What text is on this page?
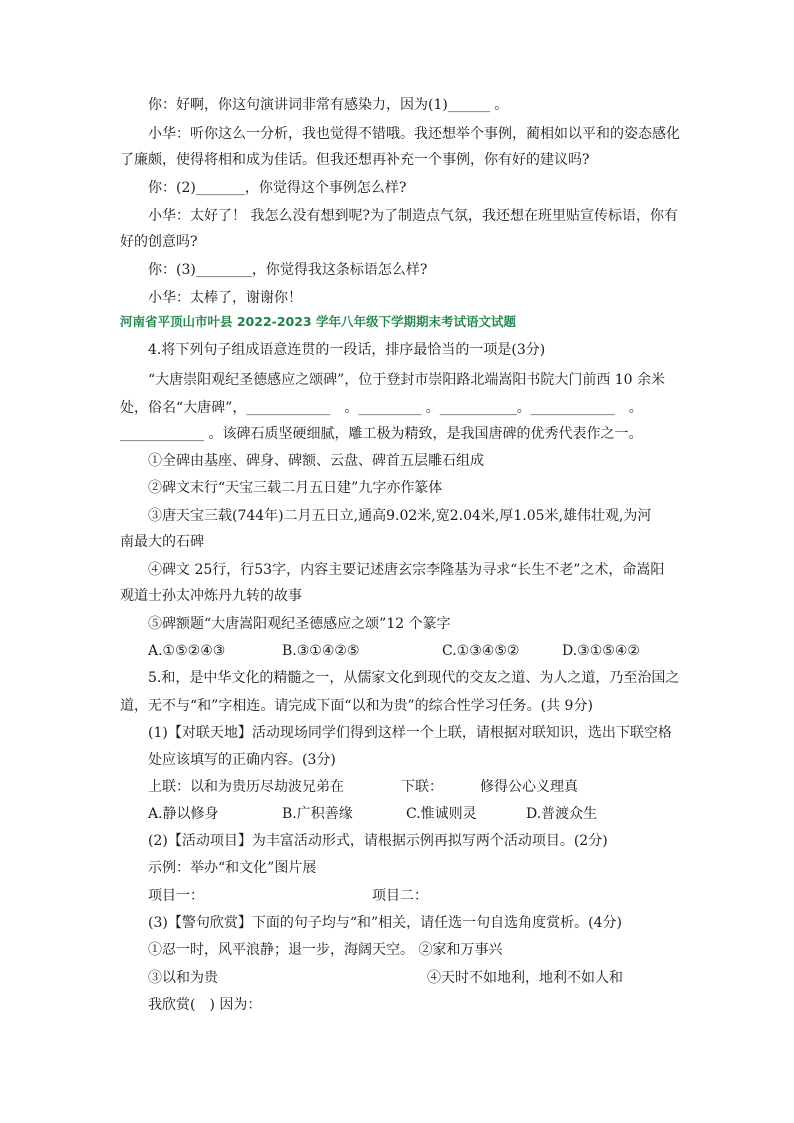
你：好啊，你这句演讲词非常有感染力，因为(1)______ 。
小华：听你这么一分析，我也觉得不错哦。我还想举个事例，蔺相如以平和的姿态感化
了廉颇，使得将相和成为佳话。但我还想再补充一个事例，你有好的建议吗?
你：(2)_______，你觉得这个事例怎么样?
小华：太好了！ 我怎么没有想到呢?为了制造点气氛，我还想在班里贴宣传标语，你有
好的创意吗?
你：(3)________，你觉得我这条标语怎么样?
小华：太棒了，谢谢你！
河南省平顶山市叶县 2022-2023 学年八年级下学期期末考试语文试题
4.将下列句子组成语意连贯的一段话，排序最恰当的一项是(3分)
“大唐崇阳观纪圣德感应之颂碑”，位于登封市崇阳路北端嵩阳书院大门前西 10 余米
处，俗名“大唐碑”，____________　。_________ 。___________。____________　。
____________ 。该碑石质坚硬细腻，雕工极为精致，是我国唐碑的优秀代表作之一。
①全碑由基座、碑身、碑额、云盘、碑首五层雕石组成
②碑文末行“天宝三载二月五日建”九字亦作篆体
③唐天宝三载(744年)二月五日立,通高9.02米,宽2.04米,厚1.05米,雄伟壮观,为河
南最大的石碑
④碑文 25行，行53字，内容主要记述唐玄宗李隆基为寻求“长生不老”之术，命嵩阳
观道士孙太冲炼丹九转的故事
⑤碑额题“大唐嵩阳观纪圣德感应之颂”12 个篆字
A.①⑤②④③	B.③①④②⑤	C.①③④⑤②	D.③①⑤④②
5.和，是中华文化的精髓之一，从儒家文化到现代的交友之道、为人之道，乃至治国之
道，无不与“和”字相连。请完成下面“以和为贵”的综合性学习任务。(共 9分)
(1)【对联天地】活动现场同学们得到这样一个上联，请根据对联知识，选出下联空格
处应该填写的正确内容。(3分)
上联：以和为贵历尽劫波兄弟在	下联：	修得公心义理真
A.静以修身	B.广积善缘	C.惟诚则灵	D.普渡众生
(2)【活动项目】为丰富活动形式，请根据示例再拟写两个活动项目。(2分)
示例：举办“和文化”图片展
项目一：	项目二：
(3)【警句欣赏】下面的句子均与“和”相关，请任选一句自选角度赏析。(4分)
①忍一时，风平浪静；退一步，海阔天空。 ②家和万事兴
③以和为贵	④天时不如地利，地利不如人和
我欣赏(　) 因为：
